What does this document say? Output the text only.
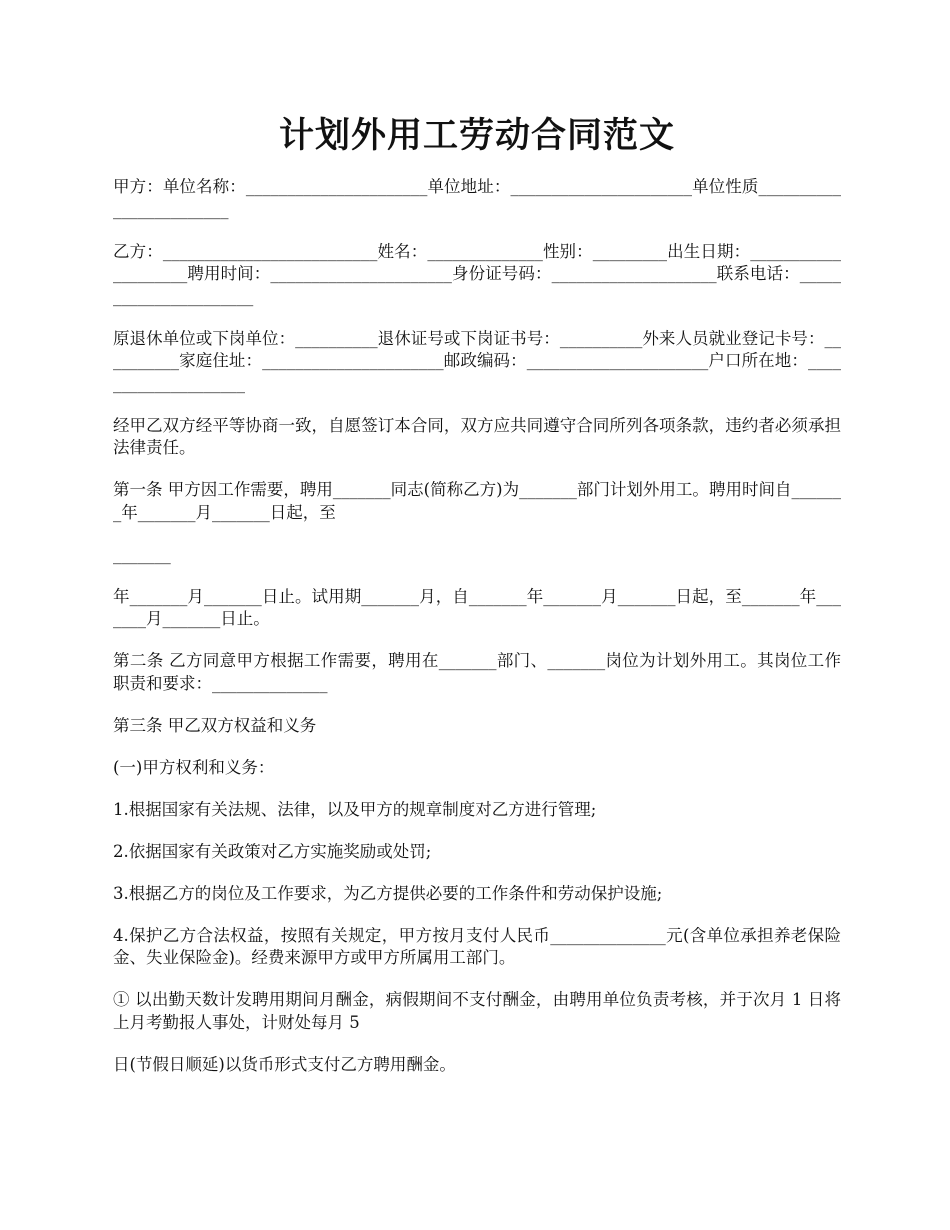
计划外用工劳动合同范文

甲方：单位名称：______________________单位地址：______________________单位性质________________________

乙方：__________________________姓名：______________性别：_________出生日期：____________________聘用时间：______________________身份证号码：____________________联系电话：______________________

原退休单位或下岗单位：__________退休证号或下岗证书号：__________外来人员就业登记卡号：__________家庭住址：______________________邮政编码：______________________户口所在地：____________________

经甲乙双方经平等协商一致，自愿签订本合同，双方应共同遵守合同所列各项条款，违约者必须承担法律责任。

第一条 甲方因工作需要，聘用_______同志(简称乙方)为_______部门计划外用工。聘用时间自_______年_______月_______日起，至

_______

年_______月_______日止。试用期_______月，自_______年_______月_______日起，至_______年_______月_______日止。

第二条 乙方同意甲方根据工作需要，聘用在_______部门、_______岗位为计划外用工。其岗位工作职责和要求：______________

第三条 甲乙双方权益和义务

(一)甲方权利和义务：

1.根据国家有关法规、法律，以及甲方的规章制度对乙方进行管理;

2.依据国家有关政策对乙方实施奖励或处罚;

3.根据乙方的岗位及工作要求，为乙方提供必要的工作条件和劳动保护设施;

4.保护乙方合法权益，按照有关规定，甲方按月支付人民币______________元(含单位承担养老保险金、失业保险金)。经费来源甲方或甲方所属用工部门。

① 以出勤天数计发聘用期间月酬金，病假期间不支付酬金，由聘用单位负责考核，并于次月 1 日将上月考勤报人事处，计财处每月 5

日(节假日顺延)以货币形式支付乙方聘用酬金。
